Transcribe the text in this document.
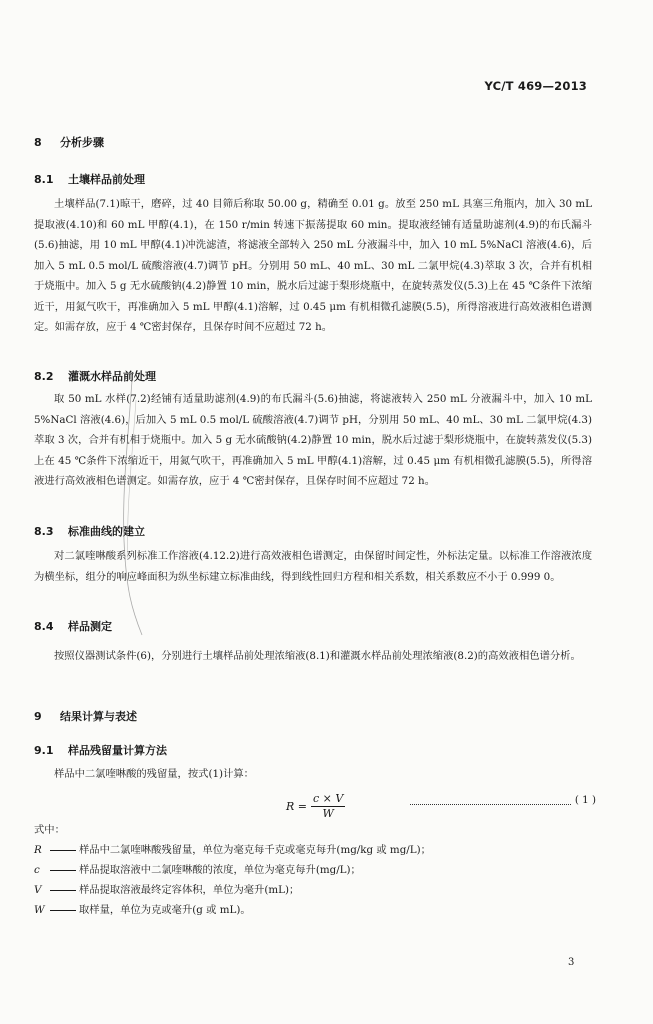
YC/T 469—2013
8 分析步骤
8.1 土壤样品前处理
土壤样品(7.1)晾干，磨碎，过 40 目筛后称取 50.00 g，精确至 0.01 g。放至 250 mL 具塞三角瓶内，加入 30 mL 提取液(4.10)和 60 mL 甲醇(4.1)，在 150 r/min 转速下振荡提取 60 min。提取液经铺有适量助滤剂(4.9)的布氏漏斗(5.6)抽滤，用 10 mL 甲醇(4.1)冲洗滤渣，将滤液全部转入 250 mL 分液漏斗中，加入 10 mL 5%NaCl 溶液(4.6)，后加入 5 mL 0.5 mol/L 硫酸溶液(4.7)调节 pH。分别用 50 mL、40 mL、30 mL 二氯甲烷(4.3)萃取 3 次，合并有机相于烧瓶中。加入 5 g 无水硫酸钠(4.2)静置 10 min，脱水后过滤于梨形烧瓶中，在旋转蒸发仪(5.3)上在 45 ℃条件下浓缩近干，用氮气吹干，再准确加入 5 mL 甲醇(4.1)溶解，过 0.45 μm 有机相微孔滤膜(5.5)，所得溶液进行高效液相色谱测定。如需存放，应于 4 ℃密封保存，且保存时间不应超过 72 h。
8.2 灌溉水样品前处理
取 50 mL 水样(7.2)经铺有适量助滤剂(4.9)的布氏漏斗(5.6)抽滤，将滤液转入 250 mL 分液漏斗中，加入 10 mL 5%NaCl 溶液(4.6)，后加入 5 mL 0.5 mol/L 硫酸溶液(4.7)调节 pH，分别用 50 mL、40 mL、30 mL 二氯甲烷(4.3)萃取 3 次，合并有机相于烧瓶中。加入 5 g 无水硫酸钠(4.2)静置 10 min，脱水后过滤于梨形烧瓶中，在旋转蒸发仪(5.3)上在 45 ℃条件下浓缩近干，用氮气吹干，再准确加入 5 mL 甲醇(4.1)溶解，过 0.45 μm 有机相微孔滤膜(5.5)，所得溶液进行高效液相色谱测定。如需存放，应于 4 ℃密封保存，且保存时间不应超过 72 h。
8.3 标准曲线的建立
对二氯喹啉酸系列标准工作溶液(4.12.2)进行高效液相色谱测定，由保留时间定性，外标法定量。以标准工作溶液浓度为横坐标，组分的响应峰面积为纵坐标建立标准曲线，得到线性回归方程和相关系数，相关系数应不小于 0.999 0。
8.4 样品测定
按照仪器测试条件(6)，分别进行土壤样品前处理浓缩液(8.1)和灌溉水样品前处理浓缩液(8.2)的高效液相色谱分析。
9 结果计算与表述
9.1 样品残留量计算方法
样品中二氯喹啉酸的残留量，按式(1)计算：
$R = \frac{c \times V}{W}$	( 1 )
式中：
R	样品中二氯喹啉酸残留量，单位为毫克每千克或毫克每升(mg/kg 或 mg/L)；
c	样品提取溶液中二氯喹啉酸的浓度，单位为毫克每升(mg/L)；
V	样品提取溶液最终定容体积，单位为毫升(mL)；
W	取样量，单位为克或毫升(g 或 mL)。
3
